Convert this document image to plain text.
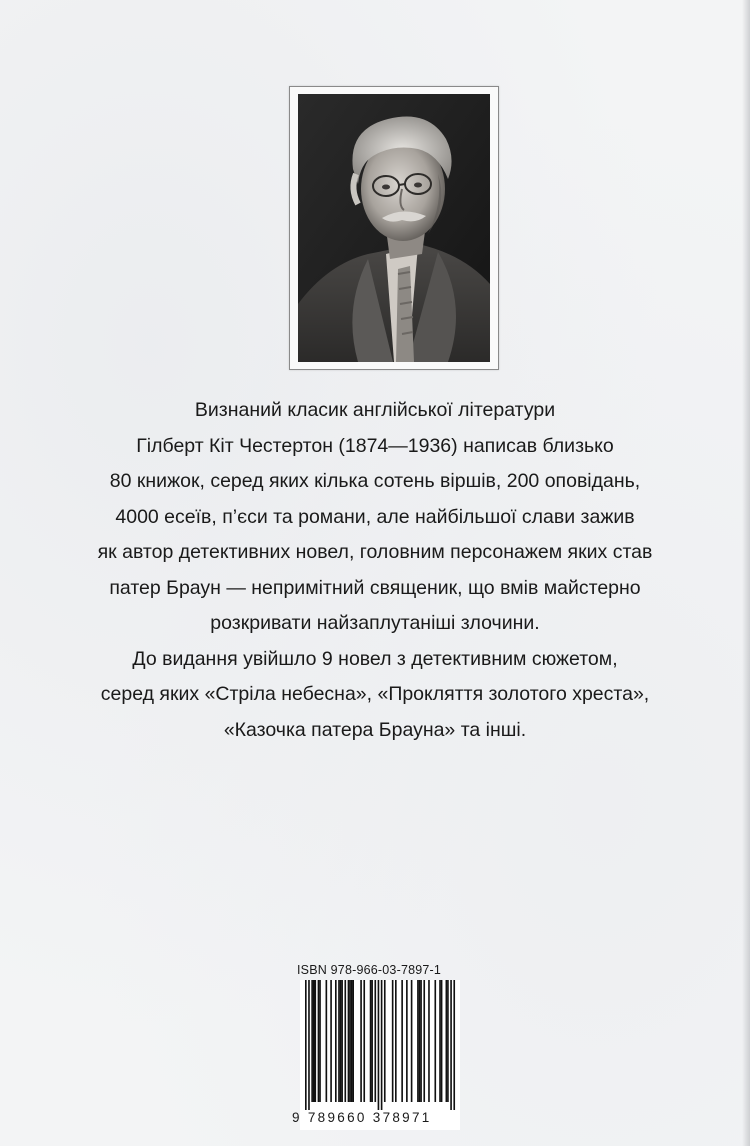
Визнаний класик англійської літератури
Гілберт Кіт Честертон (1874—1936) написав близько
80 книжок, серед яких кілька сотень віршів, 200 оповідань,
4000 есеїв, п’єси та романи, але найбільшої слави зажив
як автор детективних новел, головним персонажем яких став
патер Браун — непримітний священик, що вмів майстерно
розкривати найзаплутаніші злочини.

До видання увійшло 9 новел з детективним сюжетом,
серед яких «Стріла небесна», «Прокляття золотого хреста»,
«Казочка патера Брауна» та інші.

ISBN 978-966-03-7897-1
9 789660 378971
